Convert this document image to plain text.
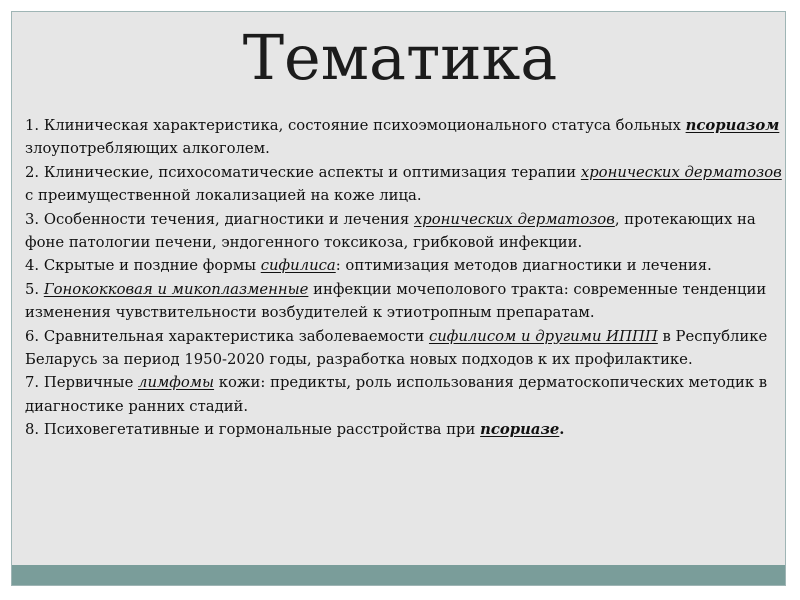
Тематика
1. Клиническая характеристика, состояние психоэмоционального статуса больных псориазом злоупотребляющих алкоголем.
2. Клинические, психосоматические аспекты и оптимизация терапии хронических дерматозов с преимущественной локализацией на коже лица.
3. Особенности течения, диагностики и лечения хронических дерматозов, протекающих на фоне патологии печени, эндогенного токсикоза, грибковой инфекции.
4. Скрытые и поздние формы сифилиса: оптимизация методов диагностики и лечения.
5. Гонококковая и микоплазменные инфекции мочеполового тракта: современные тенденции изменения чувствительности возбудителей к этиотропным препаратам.
6. Сравнительная характеристика заболеваемости сифилисом и другими ИППП в Республике Беларусь за период 1950-2020 годы, разработка новых подходов к их профилактике.
7. Первичные лимфомы кожи: предикты, роль использования дерматоскопических методик в диагностике ранних стадий.
8. Психовегетативные и гормональные расстройства при псориазе.
